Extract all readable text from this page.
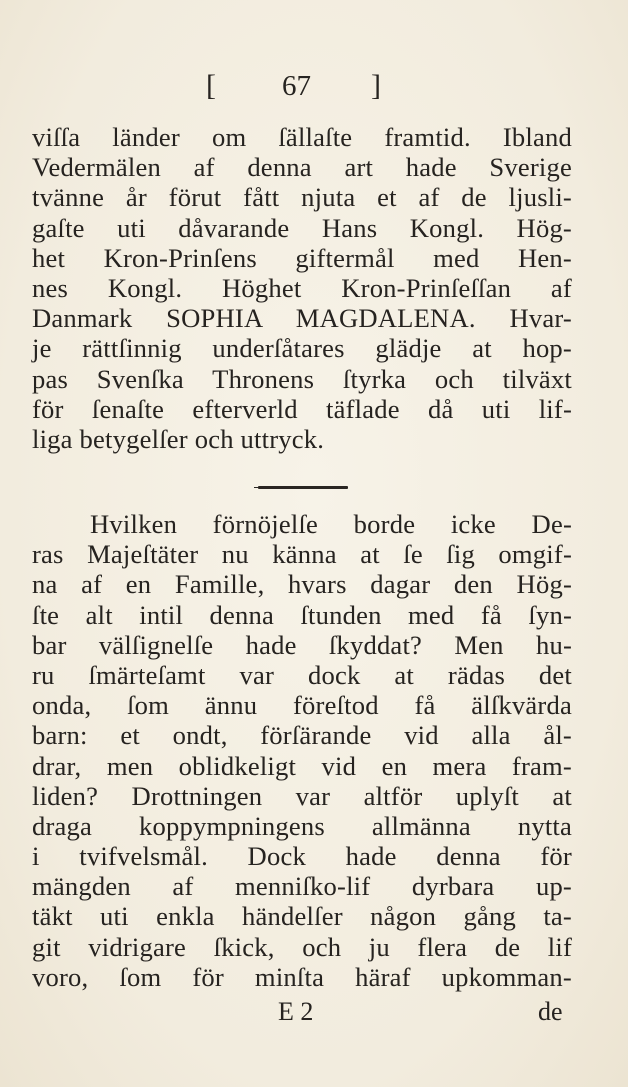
[ 67 ]
viſſa länder om ſällaſte framtid. Ibland
Vedermälen af denna art hade Sverige
tvänne år förut fått njuta et af de ljusli-
gaſte uti dåvarande Hans Kongl. Hög-
het Kron-Prinſens giftermål med Hen-
nes Kongl. Höghet Kron-Prinſeſſan af
Danmark SOPHIA MAGDALENA. Hvar-
je rättſinnig underſåtares glädje at hop-
pas Svenſka Thronens ſtyrka och tilväxt
för ſenaſte efterverld täflade då uti lif-
liga betygelſer och uttryck.
Hvilken förnöjelſe borde icke De-
ras Majeſtäter nu känna at ſe ſig omgif-
na af en Famille, hvars dagar den Hög-
ſte alt intil denna ſtunden med få ſyn-
bar välſignelſe hade ſkyddat? Men hu-
ru ſmärteſamt var dock at rädas det
onda, ſom ännu föreſtod få älſkvärda
barn: et ondt, förſärande vid alla ål-
drar, men oblidkeligt vid en mera fram-
liden? Drottningen var altför uplyſt at
draga koppympningens allmänna nytta
i tvifvelsmål. Dock hade denna för
mängden af menniſko-lif dyrbara up-
täkt uti enkla händelſer någon gång ta-
git vidrigare ſkick, och ju flera de lif
voro, ſom för minſta häraf upkomman-
E 2	de
